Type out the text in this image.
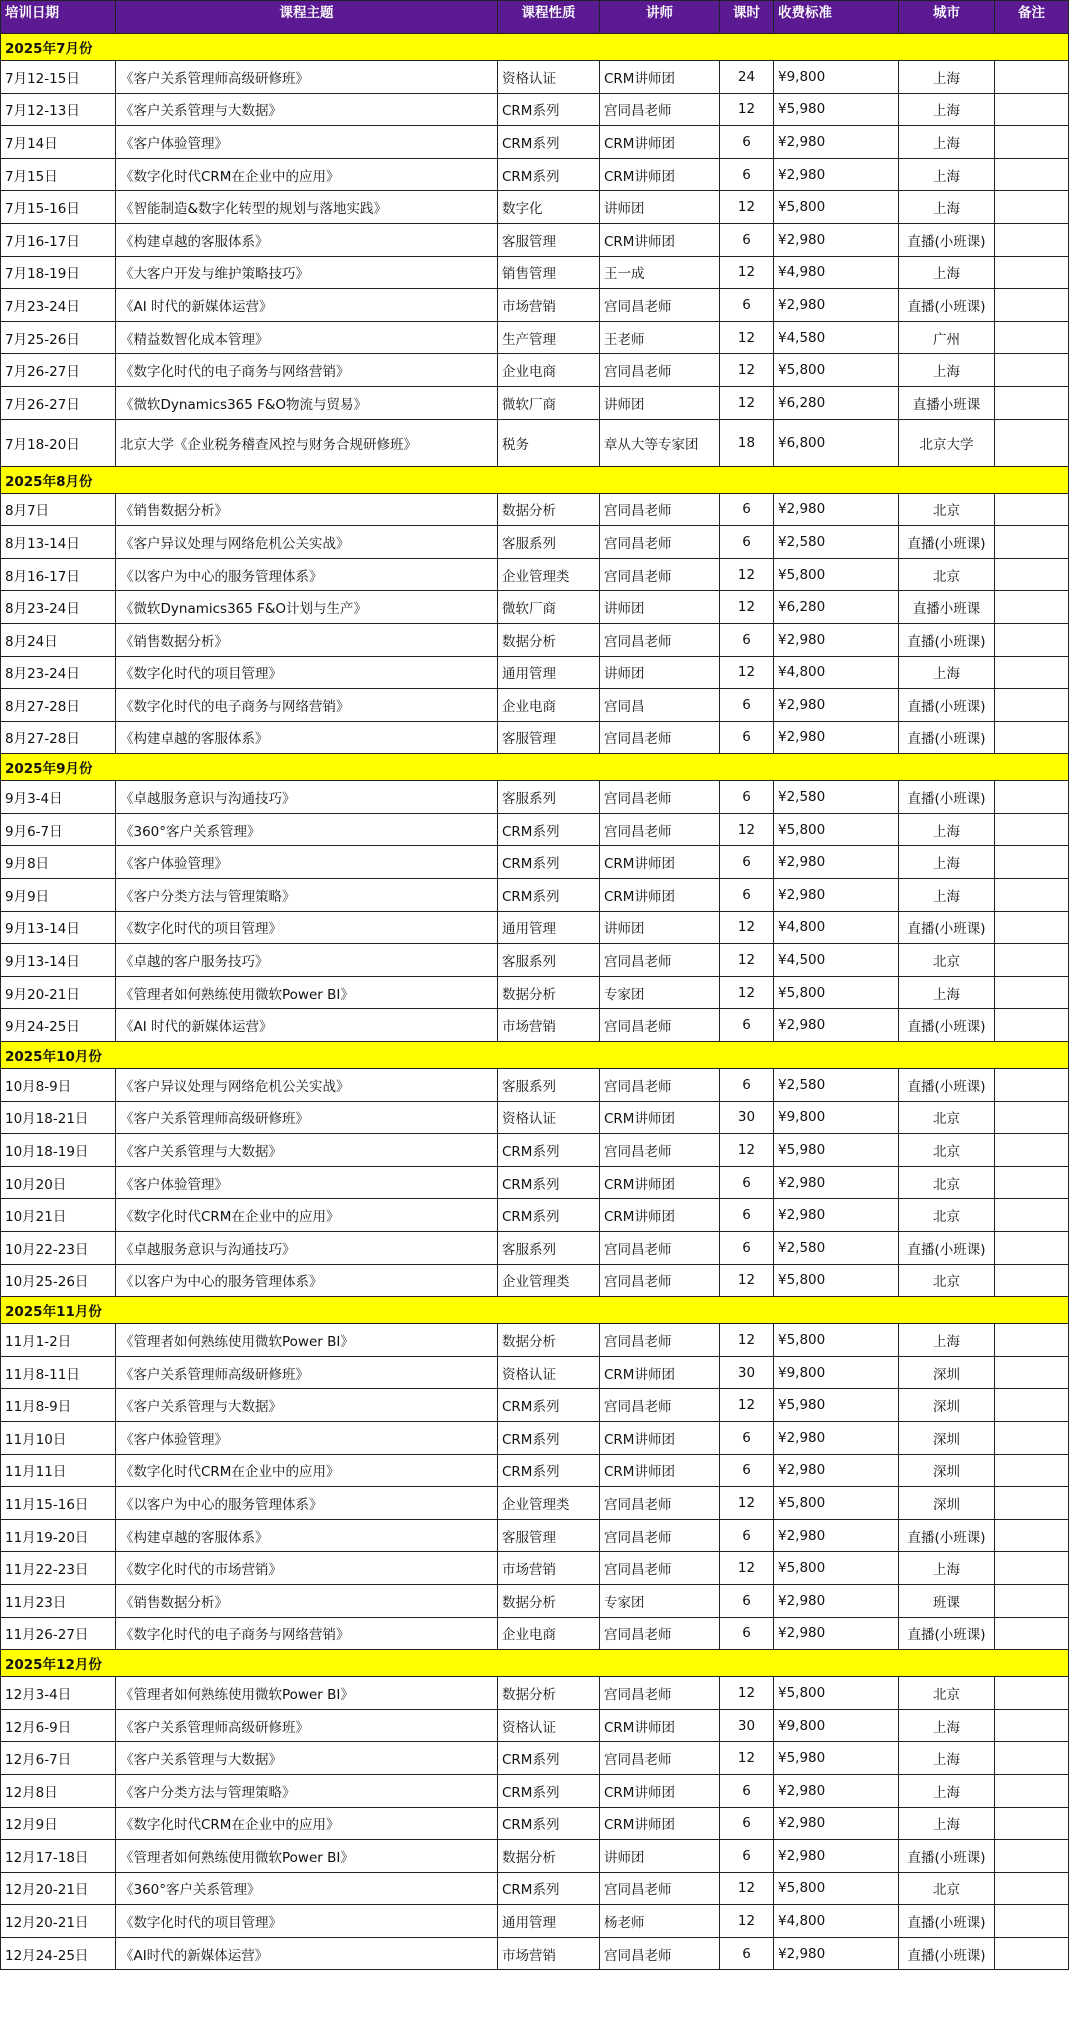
培训日期	课程主题	课程性质	讲师	课时	收费标准	城市	备注
2025年7月份							
7月12-15日	《客户关系管理师高级研修班》	资格认证	CRM讲师团	24	¥9,800	上海	
7月12-13日	《客户关系管理与大数据》	CRM系列	宫同昌老师	12	¥5,980	上海	
7月14日	《客户体验管理》	CRM系列	CRM讲师团	6	¥2,980	上海	
7月15日	《数字化时代CRM在企业中的应用》	CRM系列	CRM讲师团	6	¥2,980	上海	
7月15-16日	《智能制造&数字化转型的规划与落地实践》	数字化	讲师团	12	¥5,800	上海	
7月16-17日	《构建卓越的客服体系》	客服管理	CRM讲师团	6	¥2,980	直播(小班课)	
7月18-19日	《大客户开发与维护策略技巧》	销售管理	王一成	12	¥4,980	上海	
7月23-24日	《AI 时代的新媒体运营》	市场营销	宫同昌老师	6	¥2,980	直播(小班课)	
7月25-26日	《精益数智化成本管理》	生产管理	王老师	12	¥4,580	广州	
7月26-27日	《数字化时代的电子商务与网络营销》	企业电商	宫同昌老师	12	¥5,800	上海	
7月26-27日	《微软Dynamics365 F&O物流与贸易》	微软厂商	讲师团	12	¥6,280	直播小班课	
7月18-20日	北京大学《企业税务稽查风控与财务合规研修班》	税务	章从大等专家团	18	¥6,800	北京大学	
2025年8月份							
8月7日	《销售数据分析》	数据分析	宫同昌老师	6	¥2,980	北京	
8月13-14日	《客户异议处理与网络危机公关实战》	客服系列	宫同昌老师	6	¥2,580	直播(小班课)	
8月16-17日	《以客户为中心的服务管理体系》	企业管理类	宫同昌老师	12	¥5,800	北京	
8月23-24日	《微软Dynamics365 F&O计划与生产》	微软厂商	讲师团	12	¥6,280	直播小班课	
8月24日	《销售数据分析》	数据分析	宫同昌老师	6	¥2,980	直播(小班课)	
8月23-24日	《数字化时代的项目管理》	通用管理	讲师团	12	¥4,800	上海	
8月27-28日	《数字化时代的电子商务与网络营销》	企业电商	宫同昌	6	¥2,980	直播(小班课)	
8月27-28日	《构建卓越的客服体系》	客服管理	宫同昌老师	6	¥2,980	直播(小班课)	
2025年9月份							
9月3-4日	《卓越服务意识与沟通技巧》	客服系列	宫同昌老师	6	¥2,580	直播(小班课)	
9月6-7日	《360°客户关系管理》	CRM系列	宫同昌老师	12	¥5,800	上海	
9月8日	《客户体验管理》	CRM系列	CRM讲师团	6	¥2,980	上海	
9月9日	《客户分类方法与管理策略》	CRM系列	CRM讲师团	6	¥2,980	上海	
9月13-14日	《数字化时代的项目管理》	通用管理	讲师团	12	¥4,800	直播(小班课)	
9月13-14日	《卓越的客户服务技巧》	客服系列	宫同昌老师	12	¥4,500	北京	
9月20-21日	《管理者如何熟练使用微软Power BI》	数据分析	专家团	12	¥5,800	上海	
9月24-25日	《AI 时代的新媒体运营》	市场营销	宫同昌老师	6	¥2,980	直播(小班课)	
2025年10月份							
10月8-9日	《客户异议处理与网络危机公关实战》	客服系列	宫同昌老师	6	¥2,580	直播(小班课)	
10月18-21日	《客户关系管理师高级研修班》	资格认证	CRM讲师团	30	¥9,800	北京	
10月18-19日	《客户关系管理与大数据》	CRM系列	宫同昌老师	12	¥5,980	北京	
10月20日	《客户体验管理》	CRM系列	CRM讲师团	6	¥2,980	北京	
10月21日	《数字化时代CRM在企业中的应用》	CRM系列	CRM讲师团	6	¥2,980	北京	
10月22-23日	《卓越服务意识与沟通技巧》	客服系列	宫同昌老师	6	¥2,580	直播(小班课)	
10月25-26日	《以客户为中心的服务管理体系》	企业管理类	宫同昌老师	12	¥5,800	北京	
2025年11月份							
11月1-2日	《管理者如何熟练使用微软Power BI》	数据分析	宫同昌老师	12	¥5,800	上海	
11月8-11日	《客户关系管理师高级研修班》	资格认证	CRM讲师团	30	¥9,800	深圳	
11月8-9日	《客户关系管理与大数据》	CRM系列	宫同昌老师	12	¥5,980	深圳	
11月10日	《客户体验管理》	CRM系列	CRM讲师团	6	¥2,980	深圳	
11月11日	《数字化时代CRM在企业中的应用》	CRM系列	CRM讲师团	6	¥2,980	深圳	
11月15-16日	《以客户为中心的服务管理体系》	企业管理类	宫同昌老师	12	¥5,800	深圳	
11月19-20日	《构建卓越的客服体系》	客服管理	宫同昌老师	6	¥2,980	直播(小班课)	
11月22-23日	《数字化时代的市场营销》	市场营销	宫同昌老师	12	¥5,800	上海	
11月23日	《销售数据分析》	数据分析	专家团	6	¥2,980	班课	
11月26-27日	《数字化时代的电子商务与网络营销》	企业电商	宫同昌老师	6	¥2,980	直播(小班课)	
2025年12月份							
12月3-4日	《管理者如何熟练使用微软Power BI》	数据分析	宫同昌老师	12	¥5,800	北京	
12月6-9日	《客户关系管理师高级研修班》	资格认证	CRM讲师团	30	¥9,800	上海	
12月6-7日	《客户关系管理与大数据》	CRM系列	宫同昌老师	12	¥5,980	上海	
12月8日	《客户分类方法与管理策略》	CRM系列	CRM讲师团	6	¥2,980	上海	
12月9日	《数字化时代CRM在企业中的应用》	CRM系列	CRM讲师团	6	¥2,980	上海	
12月17-18日	《管理者如何熟练使用微软Power BI》	数据分析	讲师团	6	¥2,980	直播(小班课)	
12月20-21日	《360°客户关系管理》	CRM系列	宫同昌老师	12	¥5,800	北京	
12月20-21日	《数字化时代的项目管理》	通用管理	杨老师	12	¥4,800	直播(小班课)	
12月24-25日	《AI时代的新媒体运营》	市场营销	宫同昌老师	6	¥2,980	直播(小班课)	
